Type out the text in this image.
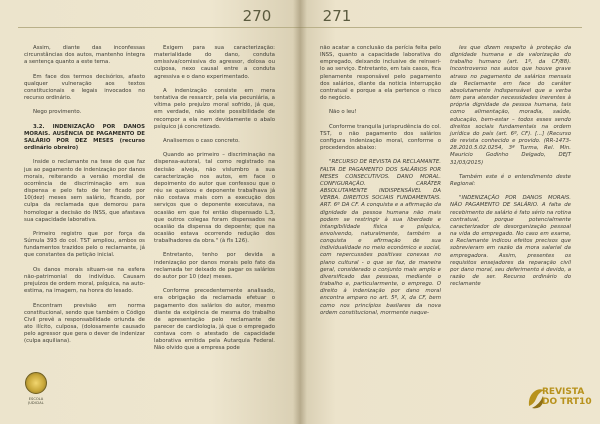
270

Assim, diante das inconfessas circunstâncias dos autos, mantenho íntegra a sentença quanto a este tema.

Em face dos termos decisórios, afasto qualquer vulneração aos textos constitucionais e legais invocados no recurso ordinário.

Nego provimento.

3.2. INDENIZAÇÃO POR DANOS MORAIS. AUSÊNCIA DE PAGAMENTO DE SALÁRIO POR DEZ MESES (recurso ordinário obreiro)

Inside o reclamante na tese de que faz jus ao pagamento de indenização por danos morais, reiterando a versão mordial de ocorrência de discriminação em sua dispensa e pelo fato de ter ficado por 10(dez) meses sem salário, ficando, por culpa da reclamada que demorou para homologar a decisão do INSS, que afastava sua capacidade laborativa.

Primeiro registro que por força da Súmula 393 do col. TST ampliou, ambos os fundamentos trazidos pelo o reclamante, já que constantes da petição inicial.

Os danos morais situam-se na esfera não-patrimonial do indivíduo. Causam prejuízos de ordem moral, psíquica, na auto-estima, na imagem, na honra do lesado.

Encontram previsão em norma constitucional, sendo que também o Código Civil prevê a responsabilidade oriunda de ato ilícito, culposa, (dolosamente causado pelo agressor que gera o dever de indenizar (culpa aquiliana).

Exigem para sua caracterização: materialidade do dano, conduta omissiva/comissiva do agressor, dolosa ou culposa, nexo causal entre a conduta agressiva e o dano experimentado.

A indenização consiste em mera tentativa de ressarcir, pela via pecuniária, a vítima pelo prejuízo moral sofrido, já que, em verdade, não existe possibilidade de recompor a ela nem devidamente o abalo psíquico já concretizado.

Analisemos o caso concreto.

Quando ao primeiro – discriminação na dispensa-autoral, tal como registrado na decisão alveja, não vislumbro a sua caracterização nos autos, em face o depoimento do autor que confessou que o réu se queixou e deponente trabalhava já não costava mais com a execução dos serviços que o deponente executava, na ocasião em que foi então dispensado L.3, que outros colegas foram dispensados na ocasião da dispensa do depoente; que na ocasião estava ocorrendo redução dos trabalhadores da obra." (à fls 126).

Entretanto, tenho por devida a indenização por danos morais pelo fato da reclamada ter deixado de pagar os salários do autor por 10 (dez) meses.

Conforme precedentemente analisado, era obrigação da reclamada efetuar o pagamento dos salários do autor, mesmo diante da exigência de mesma do trabalho de apresentação pelo reclamante de parecer de cardiologia, já que o empregado contava com o atestado de capacidade laborativa emitida pela Autarquia Federal. Não olvido que a empresa pode

ESCOLA JUDICIAL
271

não acatar a conclusão da perícia feita pelo INSS, quanto a capacidade laborativa do empregado, deixando inclusive de reinseri-lo ao serviço. Entretanto, em tais casos, fica plenamente responsável pelo pagamento dos salários, diante da noticia interrupção contratual e porque a ela pertence o risco do negócio.

Não o leu!

Conforme tranquila jurisprudência do col. TST, o não pagamento dos salários configura indenização moral, conforme o procedendos abaixo:

"RECURSO DE REVISTA DA RECLAMANTE. FALTA DE PAGAMENTO DOS SALÁRIOS POR MESES CONSECUTIVOS. DANO MORAL. CONFIGURAÇÃO. CARÁTER ABSOLUTAMENTE INDISPENSÁVEL DA VERBA. DIREITOS SOCIAIS FUNDAMENTAIS. ART. 6º DA CF. A conquista e a afirmação da dignidade da pessoa humana não mais podem se restringir à sua liberdade e intangibilidade física e psíquica, envolvendo, naturalmente, também a conquista e afirmação de sua individualidade no meio econômico e social, com repercussões positivas conexas no plano cultural - o que se faz, de maneira geral, considerado o conjunto mais amplo e diversificado das pessoas, mediante o trabalho e, particularmente, o emprego. O direito à indenização por dano moral encontra amparo no art. 5º, X, da CF, bem como nos princípios basilares da nova ordem constitucional, mormente naque-

les que dizem respeito à proteção da dignidade humana e da valorização do trabalho humano (art. 1º, da CF/88). Incontroverso nos autos que houve grave atraso no pagamento de salários mensais da Reclamante em face do caráter absolutamente indispensável que a verba tem para atender necessidades inerentes à própria dignidade da pessoa humana, tais como alimentação, moradia, saúde, educação, bem-estar – todos esses sendo direitos sociais fundamentais na ordem jurídica do país (art. 6º, CF). [...] (Recurso de revista conhecido e provido. (RR-1473-28.2010.5.02.0254, 3ª Turma, Rel. Min. Mauricio Godinho Delgado, DEJT 31/03/2015)

Também este é o entendimento deste Regional:

"INDENIZAÇÃO POR DANOS MORAIS. NÃO PAGAMENTO DE SALÁRIO. A falta de recebimento de salário é fato sério na rotina contratual, porque potencialmente caracterizador de desorganização pessoal na vida do empregado. No caso em exame, o Reclamante indicou efeitos precisos que sobrevieram em razão da mora salarial da empregadora. Assim, presentes os requisitos ensejadores da reparação civil por dano moral, seu deferimento é devido, a razão de ser. Recurso ordinário do reclamante

REVISTA DO TRT10
